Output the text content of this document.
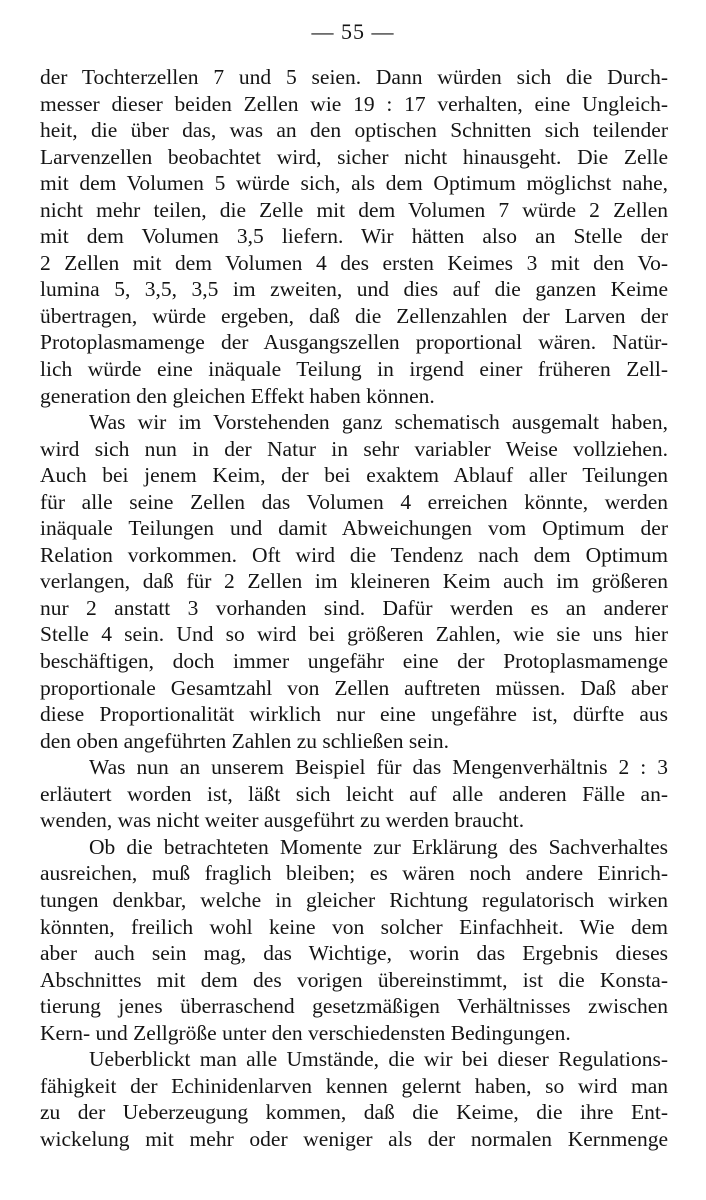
— 55 —
der Tochterzellen 7 und 5 seien. Dann würden sich die Durch-
messer dieser beiden Zellen wie 19 : 17 verhalten, eine Ungleich-
heit, die über das, was an den optischen Schnitten sich teilender
Larvenzellen beobachtet wird, sicher nicht hinausgeht. Die Zelle
mit dem Volumen 5 würde sich, als dem Optimum möglichst nahe,
nicht mehr teilen, die Zelle mit dem Volumen 7 würde 2 Zellen
mit dem Volumen 3,5 liefern. Wir hätten also an Stelle der
2 Zellen mit dem Volumen 4 des ersten Keimes 3 mit den Vo-
lumina 5, 3,5, 3,5 im zweiten, und dies auf die ganzen Keime
übertragen, würde ergeben, daß die Zellenzahlen der Larven der
Protoplasmamenge der Ausgangszellen proportional wären. Natür-
lich würde eine inäquale Teilung in irgend einer früheren Zell-
generation den gleichen Effekt haben können.
Was wir im Vorstehenden ganz schematisch ausgemalt haben,
wird sich nun in der Natur in sehr variabler Weise vollziehen.
Auch bei jenem Keim, der bei exaktem Ablauf aller Teilungen
für alle seine Zellen das Volumen 4 erreichen könnte, werden
inäquale Teilungen und damit Abweichungen vom Optimum der
Relation vorkommen. Oft wird die Tendenz nach dem Optimum
verlangen, daß für 2 Zellen im kleineren Keim auch im größeren
nur 2 anstatt 3 vorhanden sind. Dafür werden es an anderer
Stelle 4 sein. Und so wird bei größeren Zahlen, wie sie uns hier
beschäftigen, doch immer ungefähr eine der Protoplasmamenge
proportionale Gesamtzahl von Zellen auftreten müssen. Daß aber
diese Proportionalität wirklich nur eine ungefähre ist, dürfte aus
den oben angeführten Zahlen zu schließen sein.
Was nun an unserem Beispiel für das Mengenverhältnis 2 : 3
erläutert worden ist, läßt sich leicht auf alle anderen Fälle an-
wenden, was nicht weiter ausgeführt zu werden braucht.
Ob die betrachteten Momente zur Erklärung des Sachverhaltes
ausreichen, muß fraglich bleiben; es wären noch andere Einrich-
tungen denkbar, welche in gleicher Richtung regulatorisch wirken
könnten, freilich wohl keine von solcher Einfachheit. Wie dem
aber auch sein mag, das Wichtige, worin das Ergebnis dieses
Abschnittes mit dem des vorigen übereinstimmt, ist die Konsta-
tierung jenes überraschend gesetzmäßigen Verhältnisses zwischen
Kern- und Zellgröße unter den verschiedensten Bedingungen.
Ueberblickt man alle Umstände, die wir bei dieser Regulations-
fähigkeit der Echinidenlarven kennen gelernt haben, so wird man
zu der Ueberzeugung kommen, daß die Keime, die ihre Ent-
wickelung mit mehr oder weniger als der normalen Kernmenge
